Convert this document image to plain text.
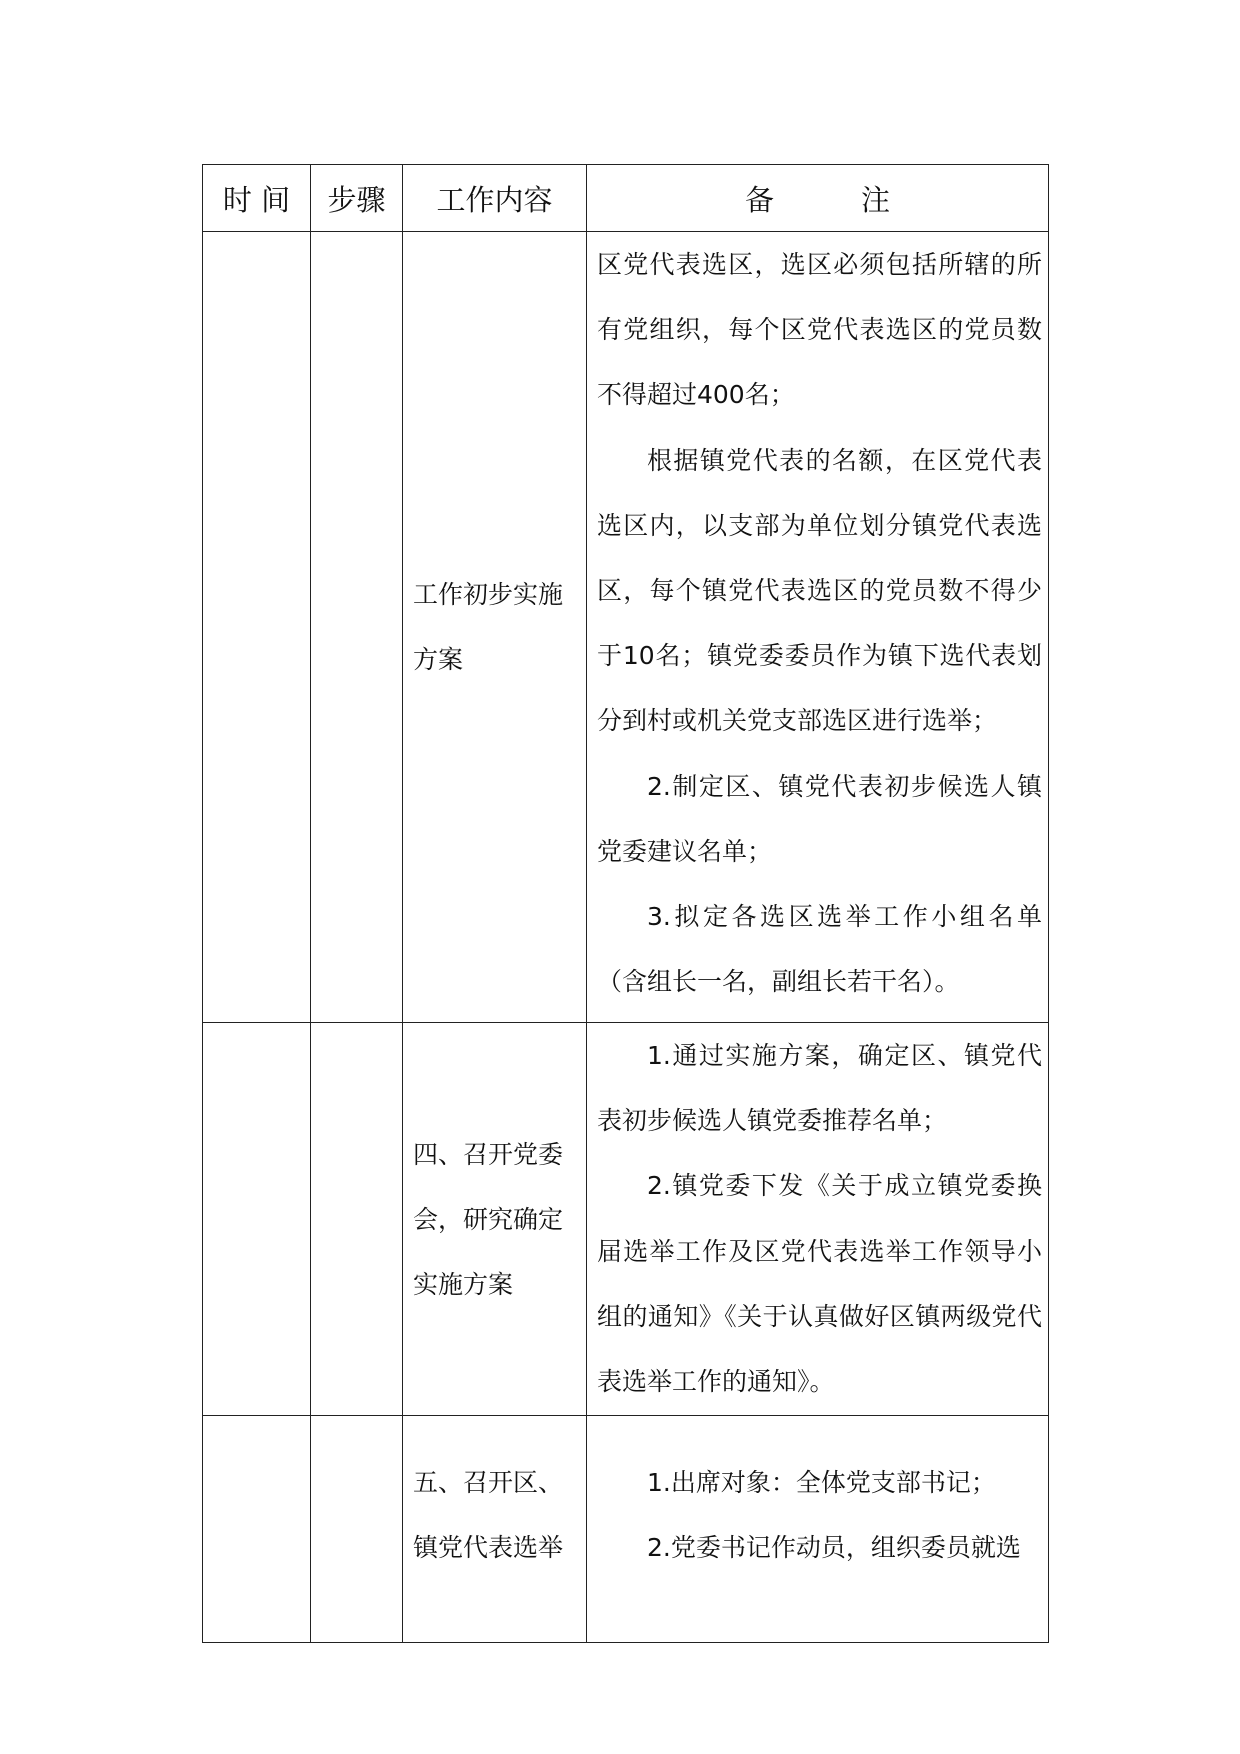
时 间	步骤	工作内容	备　　　注
		工作初步实施方案	区党代表选区，选区必须包括所辖的所有党组织，每个区党代表选区的党员数不得超过400名；

根据镇党代表的名额，在区党代表选区内，以支部为单位划分镇党代表选区，每个镇党代表选区的党员数不得少于10名；镇党委委员作为镇下选代表划分到村或机关党支部选区进行选举；

2.制定区、镇党代表初步候选人镇党委建议名单；

3.拟定各选区选举工作小组名单（含组长一名，副组长若干名）。

		四、召开党委会，研究确定实施方案	1.通过实施方案，确定区、镇党代表初步候选人镇党委推荐名单；

2.镇党委下发《关于成立镇党委换届选举工作及区党代表选举工作领导小组的通知》《关于认真做好区镇两级党代表选举工作的通知》。

		五、召开区、镇党代表选举	1.出席对象：全体党支部书记；

2.党委书记作动员，组织委员就选
